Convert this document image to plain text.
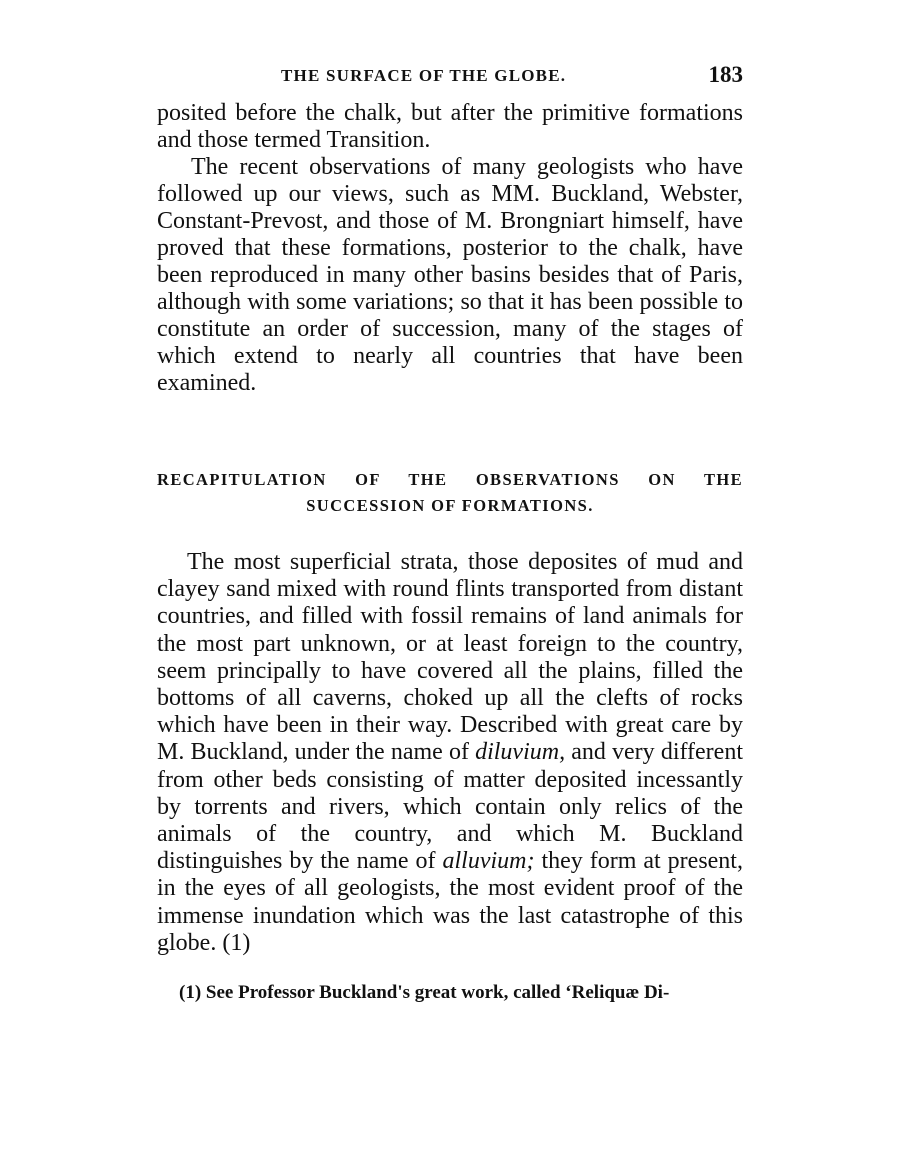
THE SURFACE OF THE GLOBE.	183

posited before the chalk, but after the primitive formations and those termed Transition.

The recent observations of many geologists who have followed up our views, such as MM. Buckland, Webster, Constant-Prevost, and those of M. Brongniart himself, have proved that these formations, posterior to the chalk, have been reproduced in many other basins besides that of Paris, although with some variations; so that it has been possible to constitute an order of succession, many of the stages of which extend to nearly all countries that have been examined.

RECAPITULATION OF THE OBSERVATIONS ON THE
SUCCESSION OF FORMATIONS.

The most superficial strata, those deposites of mud and clayey sand mixed with round flints transported from distant countries, and filled with fossil remains of land animals for the most part unknown, or at least foreign to the country, seem principally to have covered all the plains, filled the bottoms of all caverns, choked up all the clefts of rocks which have been in their way. Described with great care by M. Buckland, under the name of diluvium, and very different from other beds consisting of matter deposited incessantly by torrents and rivers, which contain only relics of the animals of the country, and which M. Buckland distinguishes by the name of alluvium; they form at present, in the eyes of all geologists, the most evident proof of the immense inundation which was the last catastrophe of this globe. (1)

(1) See Professor Buckland's great work, called ‘Reliquæ Di-
